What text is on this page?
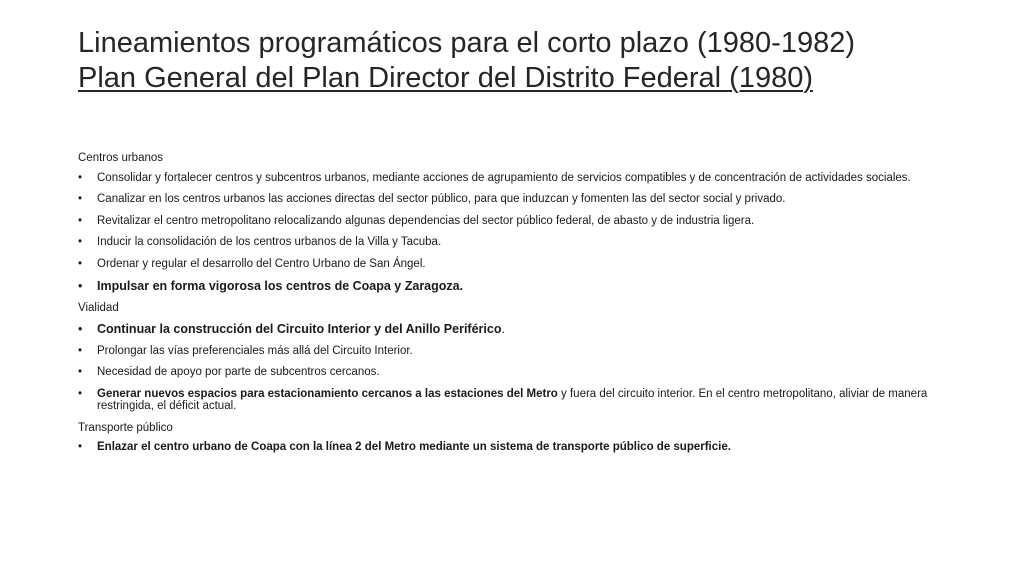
Lineamientos programáticos para el corto plazo (1980-1982)
Plan General del Plan Director del Distrito Federal (1980)
Centros urbanos
• Consolidar y fortalecer centros y subcentros urbanos, mediante acciones de agrupamiento de servicios compatibles y de concentración de actividades sociales.
• Canalizar en los centros urbanos las acciones directas del sector público, para que induzcan y fomenten las del sector social y privado.
• Revitalizar el centro metropolitano relocalizando algunas dependencias del sector público federal, de abasto y de industria ligera.
• Inducir la consolidación de los centros urbanos de la Villa y Tacuba.
• Ordenar y regular el desarrollo del Centro Urbano de San Ángel.
• Impulsar en forma vigorosa los centros de Coapa y Zaragoza.
Vialidad
• Continuar la construcción del Circuito Interior y del Anillo Periférico.
• Prolongar las vías preferenciales más allá del Circuito Interior.
• Necesidad de apoyo por parte de subcentros cercanos.
• Generar nuevos espacios para estacionamiento cercanos a las estaciones del Metro y fuera del circuito interior. En el centro metropolitano, aliviar de manera restringida, el déficit actual.
Transporte público
• Enlazar el centro urbano de Coapa con la línea 2 del Metro mediante un sistema de transporte público de superficie.
